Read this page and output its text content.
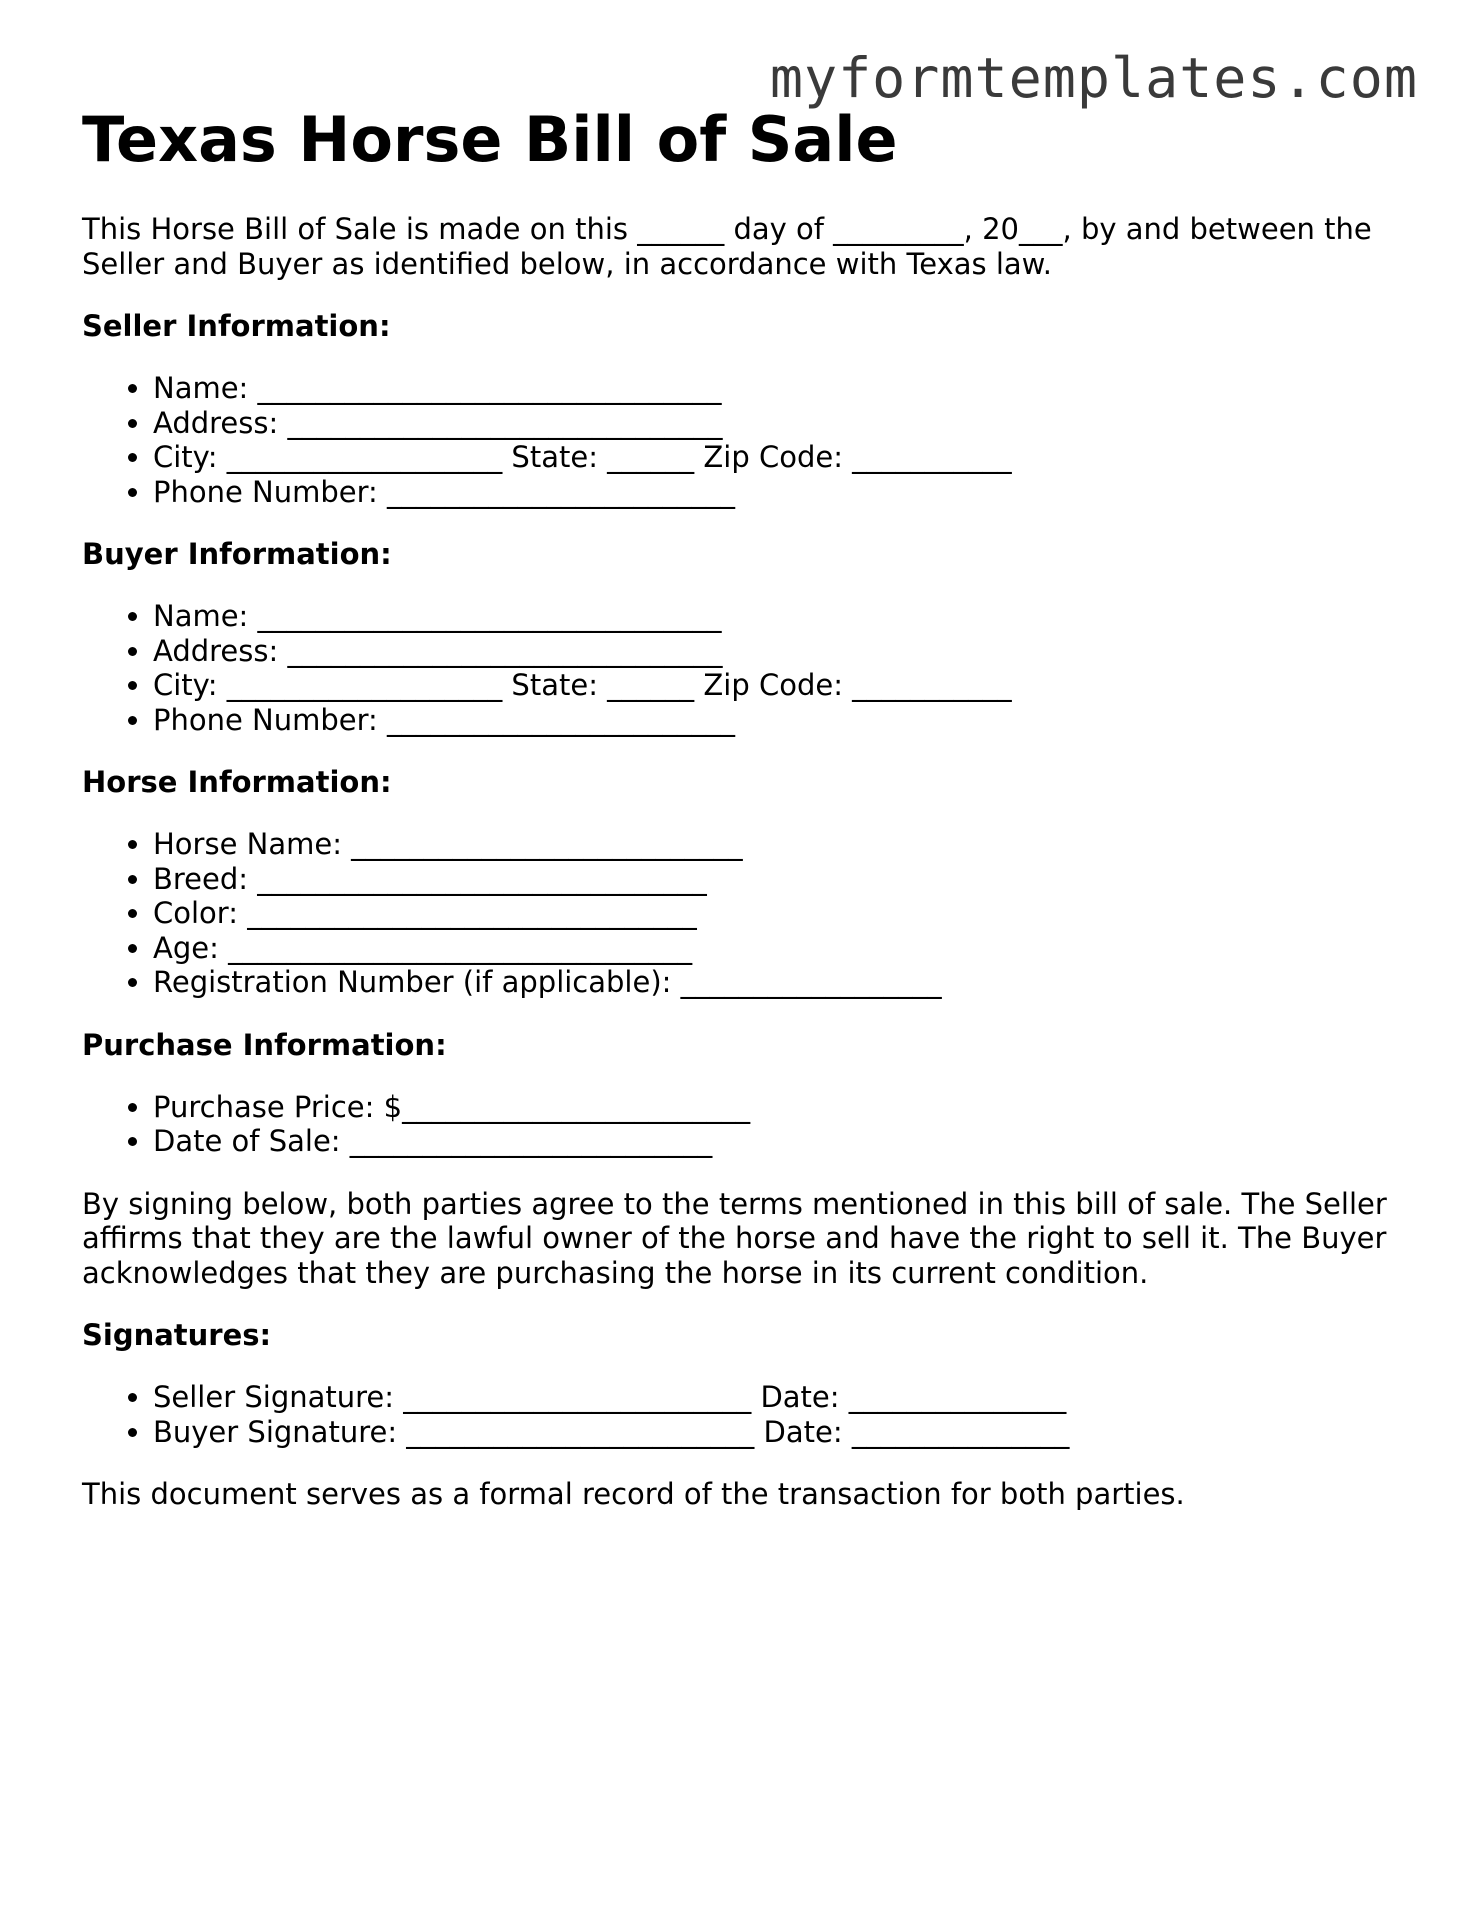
myformtemplates.com
Texas Horse Bill of Sale

This Horse Bill of Sale is made on this ______ day of _________, 20___, by and between the Seller and Buyer as identified below, in accordance with Texas law.

Seller Information:
• Name: ________________________________
• Address: ______________________________
• City: ___________________ State: ______ Zip Code: ___________
• Phone Number: ________________________
Buyer Information:
• Name: ________________________________
• Address: ______________________________
• City: ___________________ State: ______ Zip Code: ___________
• Phone Number: ________________________
Horse Information:
• Horse Name: ___________________________
• Breed: _______________________________
• Color: _______________________________
• Age: ________________________________
• Registration Number (if applicable): __________________
Purchase Information:
• Purchase Price: $________________________
• Date of Sale: _________________________

By signing below, both parties agree to the terms mentioned in this bill of sale. The Seller affirms that they are the lawful owner of the horse and have the right to sell it. The Buyer acknowledges that they are purchasing the horse in its current condition.

Signatures:
• Seller Signature: ________________________ Date: _______________
• Buyer Signature: ________________________ Date: _______________

This document serves as a formal record of the transaction for both parties.
